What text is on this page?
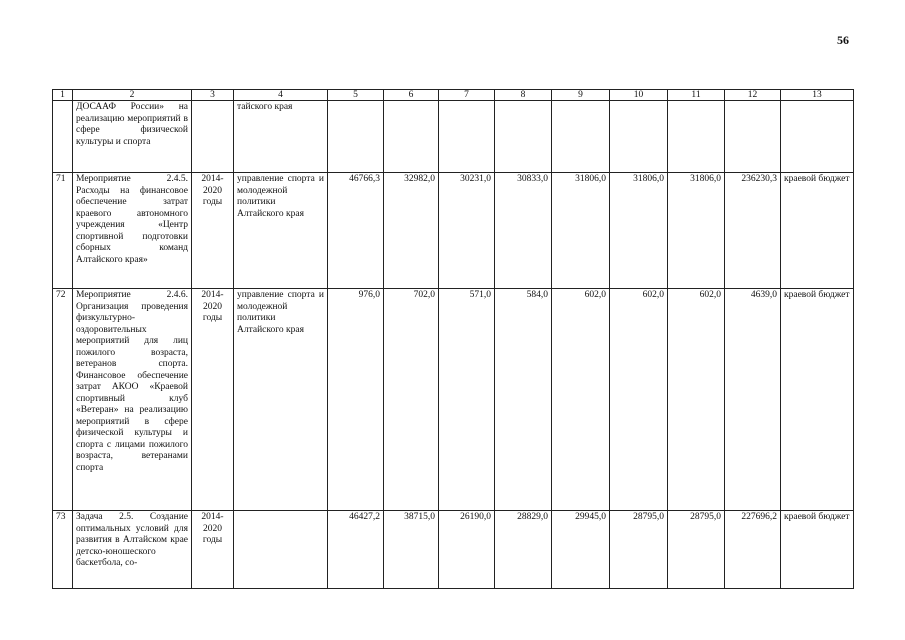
56
1	2	3	4	5	6	7	8	9	10	11	12	13
	ДОСААФ России» на реализацию мероприятий в сфере физической культуры и спорта		тайского края									
71	Мероприятие 2.4.5. Расходы на финансовое обеспечение затрат краевого автономного учреждения «Центр спортивной подготовки сборных команд Алтайского края»	2014-2020 годы	управление спорта и молодежной политики Алтайского края	46766,3	32982,0	30231,0	30833,0	31806,0	31806,0	31806,0	236230,3	краевой бюджет
72	Мероприятие 2.4.6. Организация проведения физкультурно-оздоровительных мероприятий для лиц пожилого возраста, ветеранов спорта. Финансовое обеспечение затрат АКОО «Краевой спортивный клуб «Ветеран» на реализацию мероприятий в сфере физической культуры и спорта с лицами пожилого возраста, ветеранами спорта	2014-2020 годы	управление спорта и молодежной политики Алтайского края	976,0	702,0	571,0	584,0	602,0	602,0	602,0	4639,0	краевой бюджет
73	Задача 2.5. Создание оптимальных условий для развития в Алтайском крае детско-юношеского баскетбола, со-	2014-2020 годы		46427,2	38715,0	26190,0	28829,0	29945,0	28795,0	28795,0	227696,2	краевой бюджет
